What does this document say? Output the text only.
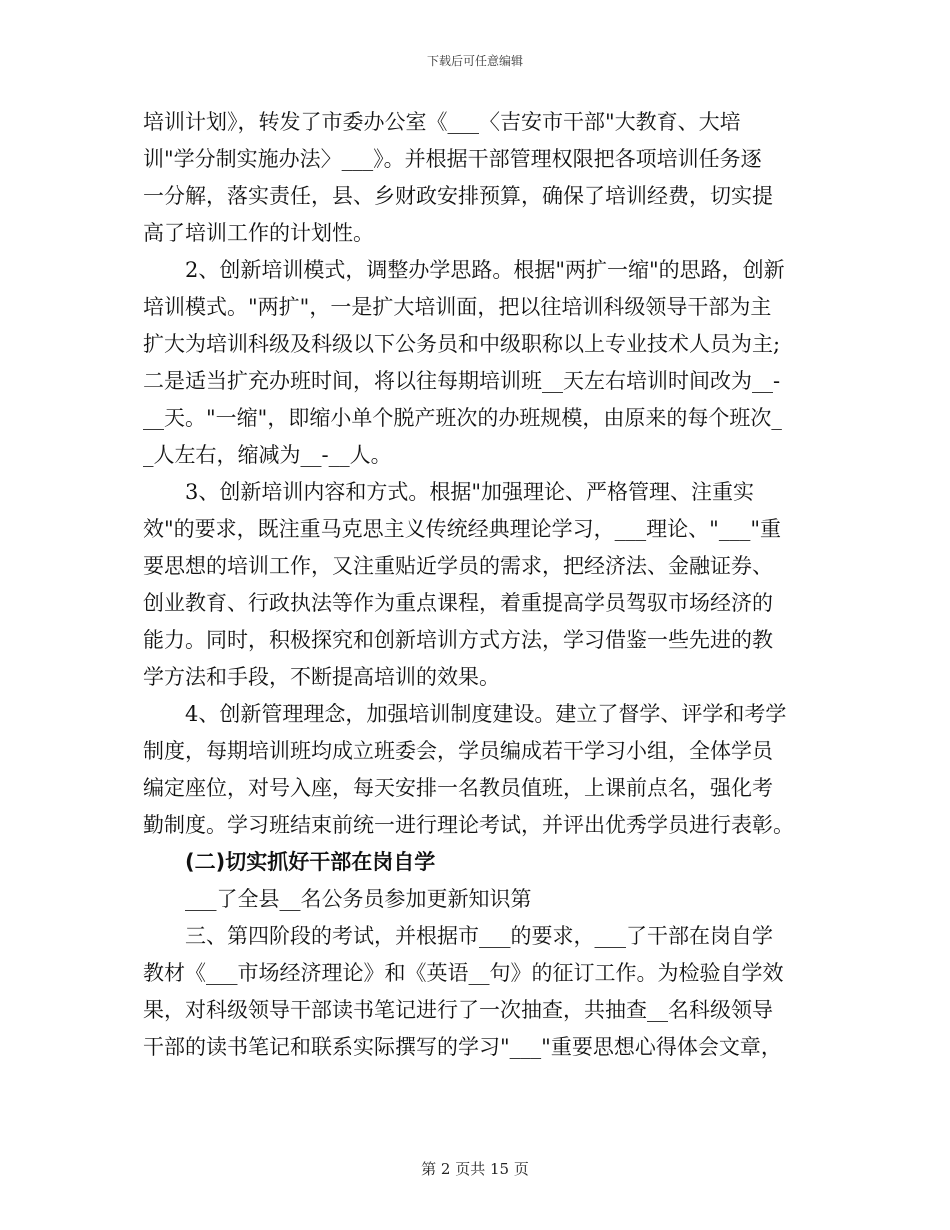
下载后可任意编辑
培训计划》，转发了市委办公室《___〈吉安市干部"大教育、大培
训"学分制实施办法〉___》。并根据干部管理权限把各项培训任务逐
一分解，落实责任，县、乡财政安排预算，确保了培训经费，切实提
高了培训工作的计划性。
2、创新培训模式，调整办学思路。根据"两扩一缩"的思路，创新
培训模式。"两扩"，一是扩大培训面，把以往培训科级领导干部为主
扩大为培训科级及科级以下公务员和中级职称以上专业技术人员为主;
二是适当扩充办班时间，将以往每期培训班__天左右培训时间改为__-
__天。"一缩"，即缩小单个脱产班次的办班规模，由原来的每个班次_
_人左右，缩减为__-__人。
3、创新培训内容和方式。根据"加强理论、严格管理、注重实
效"的要求，既注重马克思主义传统经典理论学习，___理论、"___"重
要思想的培训工作，又注重贴近学员的需求，把经济法、金融证券、
创业教育、行政执法等作为重点课程，着重提高学员驾驭市场经济的
能力。同时，积极探究和创新培训方式方法，学习借鉴一些先进的教
学方法和手段，不断提高培训的效果。
4、创新管理理念，加强培训制度建设。建立了督学、评学和考学
制度，每期培训班均成立班委会，学员编成若干学习小组，全体学员
编定座位，对号入座，每天安排一名教员值班，上课前点名，强化考
勤制度。学习班结束前统一进行理论考试，并评出优秀学员进行表彰。
(二)切实抓好干部在岗自学
___了全县__名公务员参加更新知识第
三、第四阶段的考试，并根据市___的要求，___了干部在岗自学
教材《___市场经济理论》和《英语__句》的征订工作。为检验自学效
果，对科级领导干部读书笔记进行了一次抽查，共抽查__名科级领导
干部的读书笔记和联系实际撰写的学习"___"重要思想心得体会文章，
第 2 页共 15 页
